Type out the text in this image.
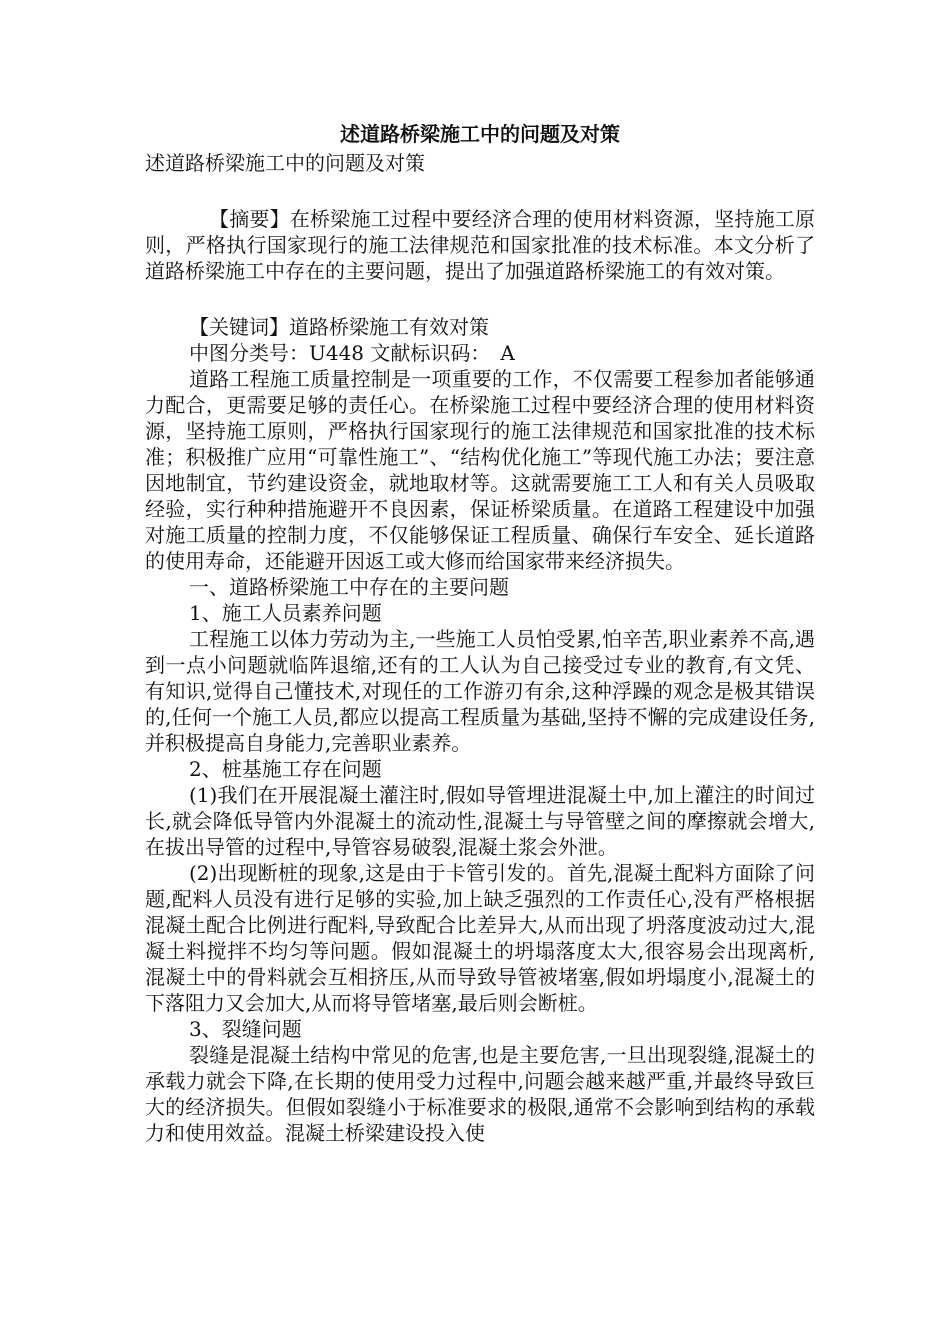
述道路桥梁施工中的问题及对策

述道路桥梁施工中的问题及对策

【摘要】在桥梁施工过程中要经济合理的使用材料资源，坚持施工原则，严格执行国家现行的施工法律规范和国家批准的技术标准。本文分析了道路桥梁施工中存在的主要问题，提出了加强道路桥梁施工的有效对策。

【关键词】道路桥梁施工有效对策

中图分类号：U448 文献标识码：　A

道路工程施工质量控制是一项重要的工作，不仅需要工程参加者能够通力配合，更需要足够的责任心。在桥梁施工过程中要经济合理的使用材料资源，坚持施工原则，严格执行国家现行的施工法律规范和国家批准的技术标准；积极推广应用“可靠性施工”、“结构优化施工”等现代施工办法；要注意因地制宜，节约建设资金，就地取材等。这就需要施工工人和有关人员吸取经验，实行种种措施避开不良因素，保证桥梁质量。在道路工程建设中加强对施工质量的控制力度，不仅能够保证工程质量、确保行车安全、延长道路的使用寿命，还能避开因返工或大修而给国家带来经济损失。

一、道路桥梁施工中存在的主要问题

1、施工人员素养问题

工程施工以体力劳动为主,一些施工人员怕受累,怕辛苦,职业素养不高,遇到一点小问题就临阵退缩,还有的工人认为自己接受过专业的教育,有文凭、有知识,觉得自己懂技术,对现任的工作游刃有余,这种浮躁的观念是极其错误的,任何一个施工人员,都应以提高工程质量为基础,坚持不懈的完成建设任务,并积极提高自身能力,完善职业素养。

2、桩基施工存在问题

(1)我们在开展混凝土灌注时,假如导管埋进混凝土中,加上灌注的时间过长,就会降低导管内外混凝土的流动性,混凝土与导管壁之间的摩擦就会增大,在拔出导管的过程中,导管容易破裂,混凝土浆会外泄。

(2)出现断桩的现象,这是由于卡管引发的。首先,混凝土配料方面除了问题,配料人员没有进行足够的实验,加上缺乏强烈的工作责任心,没有严格根据混凝土配合比例进行配料,导致配合比差异大,从而出现了坍落度波动过大,混凝土料搅拌不均匀等问题。假如混凝土的坍塌落度太大,很容易会出现离析,混凝土中的骨料就会互相挤压,从而导致导管被堵塞,假如坍塌度小,混凝土的下落阻力又会加大,从而将导管堵塞,最后则会断桩。

3、裂缝问题

裂缝是混凝土结构中常见的危害,也是主要危害,一旦出现裂缝,混凝土的承载力就会下降,在长期的使用受力过程中,问题会越来越严重,并最终导致巨大的经济损失。但假如裂缝小于标准要求的极限,通常不会影响到结构的承载力和使用效益。混凝土桥梁建设投入使
